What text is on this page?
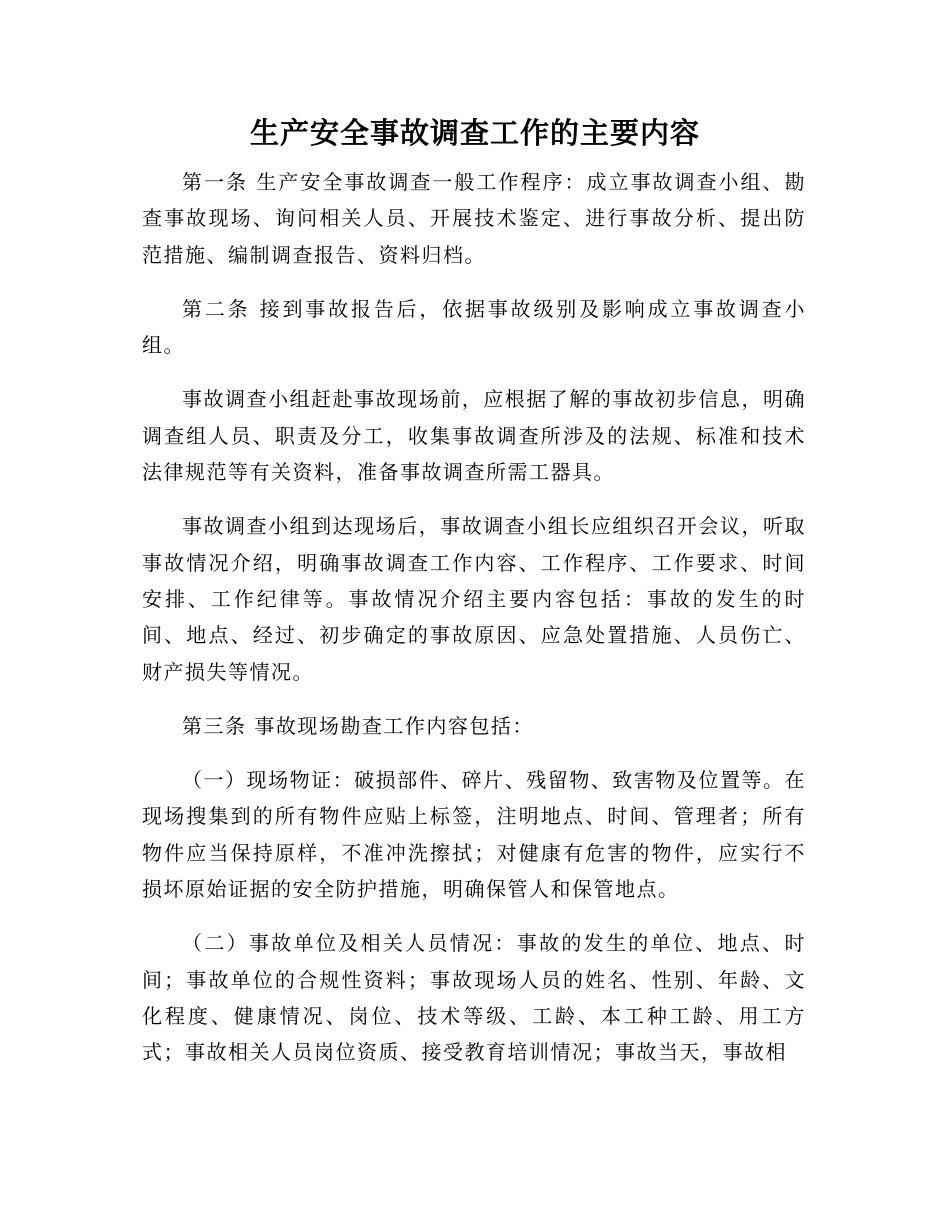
生产安全事故调查工作的主要内容

第一条 生产安全事故调查一般工作程序：成立事故调查小组、勘查事故现场、询问相关人员、开展技术鉴定、进行事故分析、提出防范措施、编制调查报告、资料归档。

第二条 接到事故报告后，依据事故级别及影响成立事故调查小组。

事故调查小组赶赴事故现场前，应根据了解的事故初步信息，明确调查组人员、职责及分工，收集事故调查所涉及的法规、标准和技术法律规范等有关资料，准备事故调查所需工器具。

事故调查小组到达现场后，事故调查小组长应组织召开会议，听取事故情况介绍，明确事故调查工作内容、工作程序、工作要求、时间安排、工作纪律等。事故情况介绍主要内容包括：事故的发生的时间、地点、经过、初步确定的事故原因、应急处置措施、人员伤亡、财产损失等情况。

第三条 事故现场勘查工作内容包括：

（一）现场物证：破损部件、碎片、残留物、致害物及位置等。在现场搜集到的所有物件应贴上标签，注明地点、时间、管理者；所有物件应当保持原样，不准冲洗擦拭；对健康有危害的物件，应实行不损坏原始证据的安全防护措施，明确保管人和保管地点。

（二）事故单位及相关人员情况：事故的发生的单位、地点、时间；事故单位的合规性资料；事故现场人员的姓名、性别、年龄、文化程度、健康情况、岗位、技术等级、工龄、本工种工龄、用工方式；事故相关人员岗位资质、接受教育培训情况；事故当天，事故相
